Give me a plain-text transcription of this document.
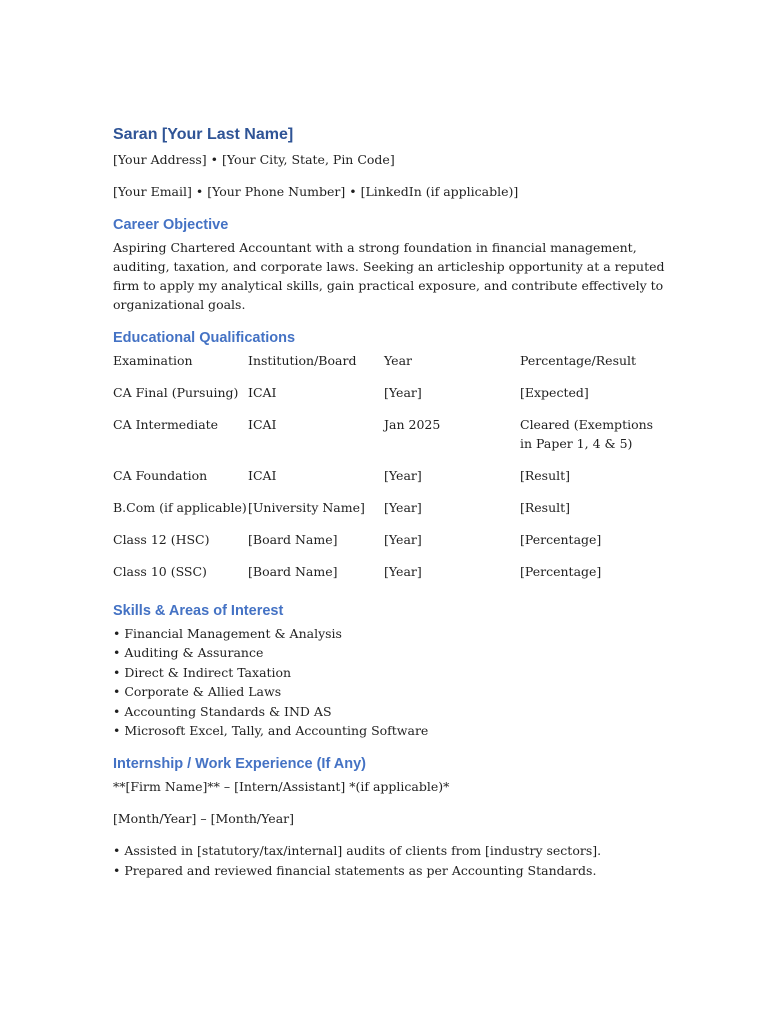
Saran [Your Last Name]

[Your Address] • [Your City, State, Pin Code]

[Your Email] • [Your Phone Number] • [LinkedIn (if applicable)]

Career Objective

Aspiring Chartered Accountant with a strong foundation in financial management, auditing, taxation, and corporate laws. Seeking an articleship opportunity at a reputed firm to apply my analytical skills, gain practical exposure, and contribute effectively to organizational goals.

Educational Qualifications
Examination	Institution/Board	Year	Percentage/Result
CA Final (Pursuing)	ICAI	[Year]	[Expected]
CA Intermediate	ICAI	Jan 2025	Cleared (Exemptions in Paper 1, 4 & 5)
CA Foundation	ICAI	[Year]	[Result]
B.Com (if applicable)	[University Name]	[Year]	[Result]
Class 12 (HSC)	[Board Name]	[Year]	[Percentage]
Class 10 (SSC)	[Board Name]	[Year]	[Percentage]
Skills & Areas of Interest
• Financial Management & Analysis
• Auditing & Assurance
• Direct & Indirect Taxation
• Corporate & Allied Laws
• Accounting Standards & IND AS
• Microsoft Excel, Tally, and Accounting Software
Internship / Work Experience (If Any)

**[Firm Name]** – [Intern/Assistant] *(if applicable)*

[Month/Year] – [Month/Year]

• Assisted in [statutory/tax/internal] audits of clients from [industry sectors].
• Prepared and reviewed financial statements as per Accounting Standards.
